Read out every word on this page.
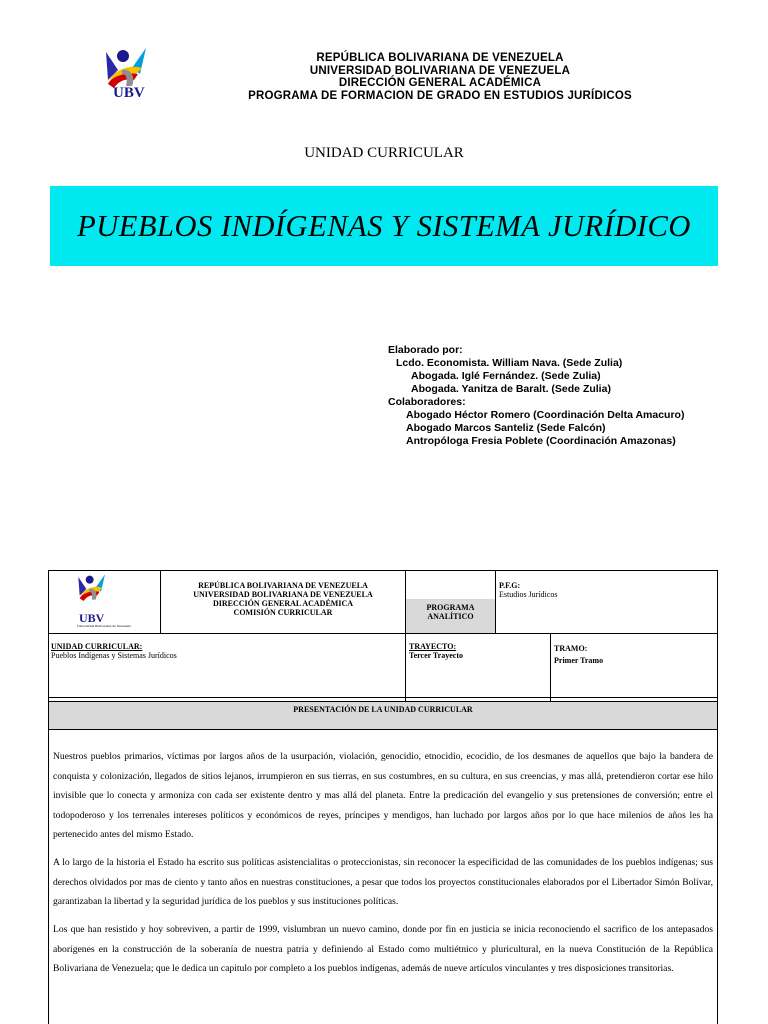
UBV
REPÚBLICA BOLIVARIANA DE VENEZUELA
UNIVERSIDAD BOLIVARIANA DE VENEZUELA
DIRECCIÓN GENERAL ACADÉMICA
PROGRAMA DE FORMACION DE GRADO EN ESTUDIOS JURÍDICOS
UNIDAD CURRICULAR
PUEBLOS INDÍGENAS Y SISTEMA JURÍDICO
Elaborado por:
Lcdo. Economista. William Nava. (Sede Zulia)
Abogada. Iglé Fernández. (Sede Zulia)
Abogada. Yanitza de Baralt. (Sede Zulia)
Colaboradores:
Abogado Héctor Romero (Coordinación Delta Amacuro)
Abogado Marcos Santeliz (Sede Falcón)
Antropóloga Fresia Poblete (Coordinación Amazonas)
UBV
Universidad Bolivariana de Venezuela
REPÚBLICA BOLIVARIANA DE VENEZUELA
UNIVERSIDAD BOLIVARIANA DE VENEZUELA
DIRECCIÓN GENERAL ACADÉMICA
COMISIÓN CURRICULAR
PROGRAMA
ANALÍTICO
P.F.G:
Estudios Jurídicos
UNIDAD CURRICULAR:
Pueblos Indígenas y Sistemas Jurídicos
TRAYECTO:
Tercer Trayecto
TRAMO:
Primer Tramo
PRESENTACIÓN DE LA UNIDAD CURRICULAR
Nuestros pueblos primarios, víctimas por largos años de la usurpación, violación, genocidio, etnocidio, ecocidio, de los desmanes de aquellos que bajo la bandera de conquista y colonización, llegados de sitios lejanos, irrumpieron en sus tierras, en sus costumbres, en su cultura, en sus creencias, y mas allá, pretendieron cortar ese hilo invisible que lo conecta y armoniza con cada ser existente dentro y mas allá del planeta. Entre la predicación del evangelio y sus pretensiones de conversión; entre el todopoderoso y los terrenales intereses políticos y económicos de reyes, príncipes y mendigos, han luchado por largos años por lo que hace milenios de años les ha pertenecido antes del mismo Estado.
A lo largo de la historia el Estado ha escrito sus políticas asistencialitas o proteccionistas, sin reconocer la especificidad de las comunidades de los pueblos indígenas; sus derechos olvidados por mas de ciento y tanto años en nuestras constituciones, a pesar que todos los proyectos constitucionales elaborados por el Libertador Simón Bolívar, garantizaban la libertad y la seguridad jurídica de los pueblos y sus instituciones políticas.
Los que han resistido y hoy sobreviven, a partir de 1999, vislumbran un nuevo camino, donde por fin en justicia se inicia reconociendo el sacrifico de los antepasados aborígenes en la construcción de la soberanía de nuestra patria y definiendo al Estado como multiétnico y pluricultural, en la nueva Constitución de la República Bolivariana de Venezuela; que le dedica un capitulo por completo a los pueblos indígenas, además de nueve artículos vinculantes y tres disposiciones transitorias.
